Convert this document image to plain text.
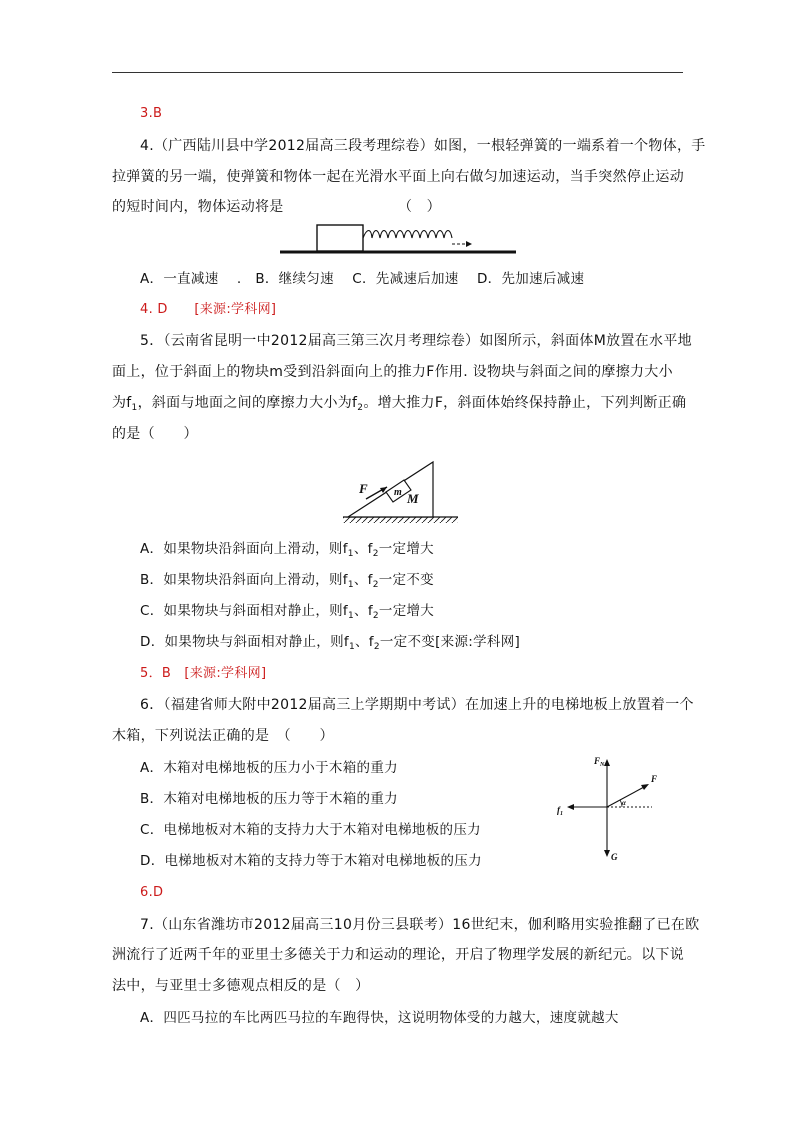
3.B
4.（广西陆川县中学2012届高三段考理综卷）如图，一根轻弹簧的一端系着一个物体，手
拉弹簧的另一端，使弹簧和物体一起在光滑水平面上向右做匀加速运动，当手突然停止运动
的短时间内，物体运动将是	（　）
A．一直减速　 .　B．继续匀速　 C．先减速后加速　 D．先加速后减速
4. D　　[来源:学科网]
5．（云南省昆明一中2012届高三第三次月考理综卷）如图所示，斜面体M放置在水平地
面上，位于斜面上的物块m受到沿斜面向上的推力F作用. 设物块与斜面之间的摩擦力大小
为$f_1$，斜面与地面之间的摩擦力大小为$f_2$。增大推力F，斜面体始终保持静止，下列判断正确
的是（　　）
F	m M
A．如果物块沿斜面向上滑动，则$f_1$、$f_2$一定增大
B．如果物块沿斜面向上滑动，则$f_1$、$f_2$一定不变
C．如果物块与斜面相对静止，则$f_1$、$f_2$一定增大
D．如果物块与斜面相对静止，则$f_1$、$f_2$一定不变[来源:学科网]
5．B　[来源:学科网]
6．（福建省师大附中2012届高三上学期期中考试）在加速上升的电梯地板上放置着一个
木箱，下列说法正确的是　（　　）
A．木箱对电梯地板的压力小于木箱的重力
B．木箱对电梯地板的压力等于木箱的重力
C．电梯地板对木箱的支持力大于木箱对电梯地板的压力
D．电梯地板对木箱的支持力等于木箱对电梯地板的压力
$F_N$
F
$f_1$
G
α
6.D
7.（山东省潍坊市2012届高三10月份三县联考）16世纪末，伽利略用实验推翻了已在欧
洲流行了近两千年的亚里士多德关于力和运动的理论，开启了物理学发展的新纪元。以下说
法中，与亚里士多德观点相反的是（　）
A．四匹马拉的车比两匹马拉的车跑得快，这说明物体受的力越大，速度就越大
